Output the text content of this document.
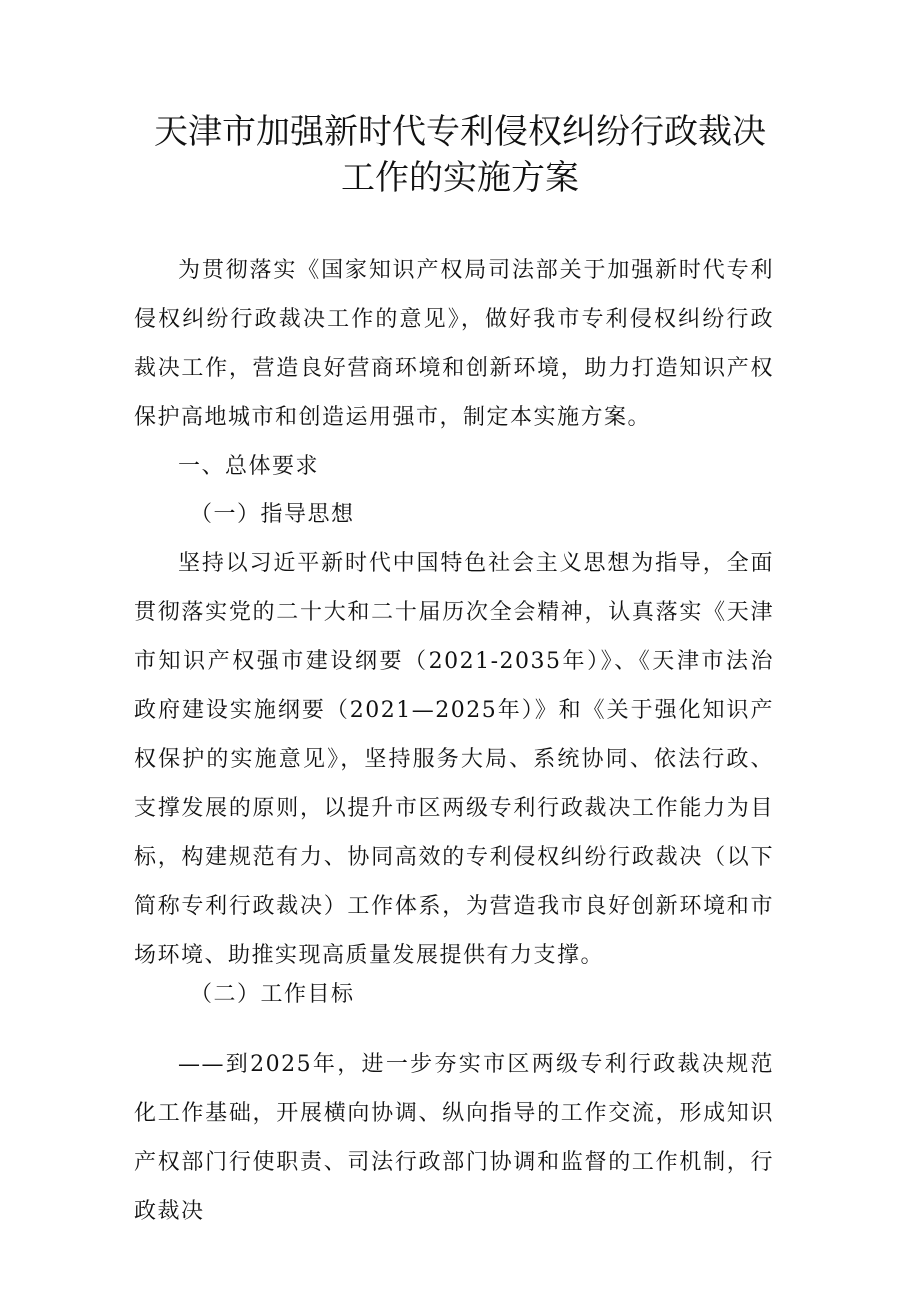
天津市加强新时代专利侵权纠纷行政裁决
工作的实施方案

为贯彻落实《国家知识产权局司法部关于加强新时代专利侵权纠纷行政裁决工作的意见》，做好我市专利侵权纠纷行政裁决工作，营造良好营商环境和创新环境，助力打造知识产权保护高地城市和创造运用强市，制定本实施方案。

一、总体要求

（一）指导思想

坚持以习近平新时代中国特色社会主义思想为指导，全面贯彻落实党的二十大和二十届历次全会精神，认真落实《天津市知识产权强市建设纲要（2021-2035年）》、《天津市法治政府建设实施纲要（2021—2025年）》和《关于强化知识产权保护的实施意见》，坚持服务大局、系统协同、依法行政、支撑发展的原则，以提升市区两级专利行政裁决工作能力为目标，构建规范有力、协同高效的专利侵权纠纷行政裁决（以下简称专利行政裁决）工作体系，为营造我市良好创新环境和市场环境、助推实现高质量发展提供有力支撑。

（二）工作目标

——到2025年，进一步夯实市区两级专利行政裁决规范化工作基础，开展横向协调、纵向指导的工作交流，形成知识产权部门行使职责、司法行政部门协调和监督的工作机制，行政裁决
